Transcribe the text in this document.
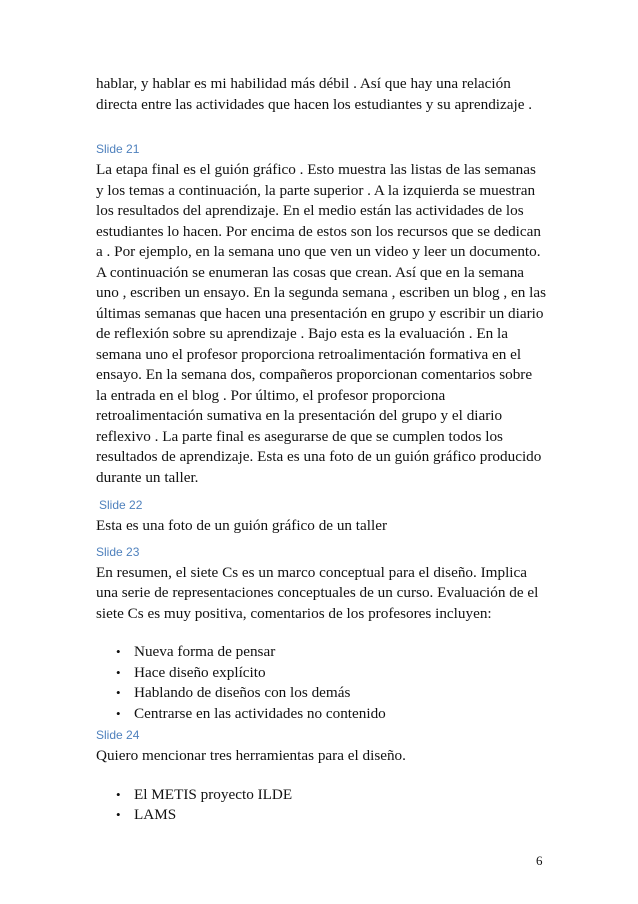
hablar, y hablar es mi habilidad más débil . Así que hay una relación directa entre las actividades que hacen los estudiantes y su aprendizaje .

Slide 21

La etapa final es el guión gráfico . Esto muestra las listas de las semanas y los temas a continuación, la parte superior . A la izquierda se muestran los resultados del aprendizaje. En el medio están las actividades de los estudiantes lo hacen. Por encima de estos son los recursos que se dedican a . Por ejemplo, en la semana uno que ven un video y leer un documento. A continuación se enumeran las cosas que crean. Así que en la semana uno , escriben un ensayo. En la segunda semana , escriben un blog , en las últimas semanas que hacen una presentación en grupo y escribir un diario de reflexión sobre su aprendizaje . Bajo esta es la evaluación . En la semana uno el profesor proporciona retroalimentación formativa en el ensayo. En la semana dos, compañeros proporcionan comentarios sobre la entrada en el blog . Por último, el profesor proporciona retroalimentación sumativa en la presentación del grupo y el diario reflexivo . La parte final es asegurarse de que se cumplen todos los resultados de aprendizaje. Esta es una foto de un guión gráfico producido durante un taller.

Slide 22

Esta es una foto de un guión gráfico de un taller

Slide 23

En resumen, el siete Cs es un marco conceptual para el diseño. Implica una serie de representaciones conceptuales de un curso. Evaluación de el siete Cs es muy positiva, comentarios de los profesores incluyen:

• Nueva forma de pensar
• Hace diseño explícito
• Hablando de diseños con los demás
• Centrarse en las actividades no contenido

Slide 24

Quiero mencionar tres herramientas para el diseño.

• El METIS proyecto ILDE
• LAMS
6
